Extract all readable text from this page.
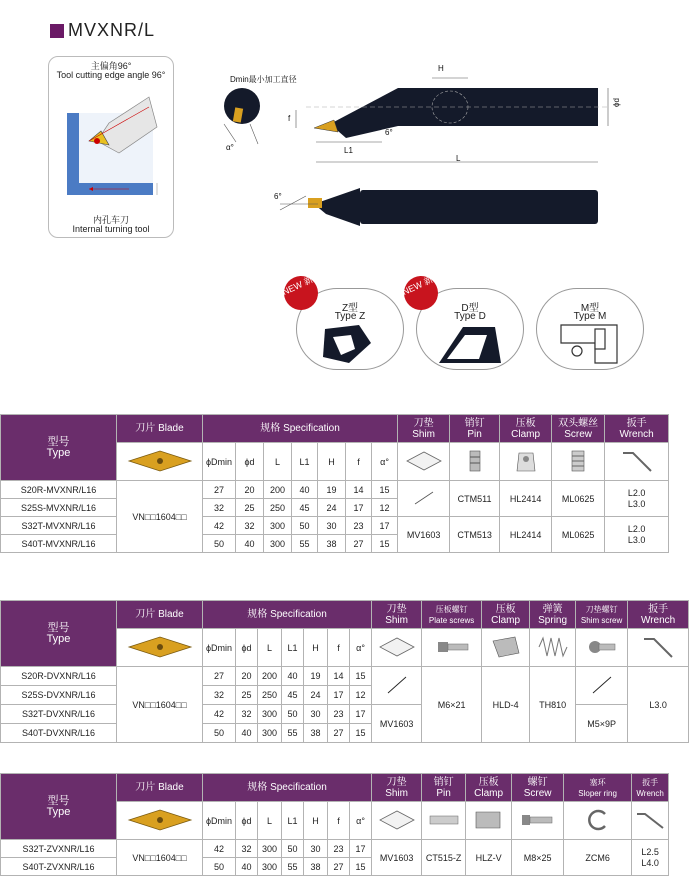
MVXNR/L
主偏角96°
Tool cutting edge angle 96°
内孔车刀
Internal turning tool
Dmin最小加工直径
H
ϕd
f
α°	L1
L
6°
6°
Z型
Type Z
NEW 新
D型
Type D
NEW 新
M型
Type M
型号
Type	刀片 Blade	规格 Specification							刀垫
Shim	销钉
Pin	压板
Clamp	双头螺丝
Screw	扳手
Wrench

	ϕDmin	ϕd	L	L1	H	f	α°					

S20R-MVXNR/L16	VN□□1604□□	27	20	200	40	19	14	15		CTM511	HL2414	ML0625	L2.0
L3.0

S25S-MVXNR/L16		32	25	250	45	24	17	12					
S32T-MVXNR/L16		42	32	300	50	30	23	17	MV1603	CTM513	HL2414	ML0625	L2.0
L3.0

S40T-MVXNR/L16		50	40	300	55	38	27	15					
型号
Type	刀片 Blade	规格 Specification							刀垫
Shim	压板螺钉
Plate screws	压板
Clamp	弹簧
Spring	刀垫螺钉
Shim screw	扳手
Wrench

	ϕDmin	ϕd	L	L1	H	f	α°						
S20R-DVXNR/L16	VN□□1604□□	27	20	200	40	19	14	15		M6×21	HLD-4	TH810		L3.0
S25S-DVXNR/L16		32	25	250	45	24	17	12						
S32T-DVXNR/L16		42	32	300	50	30	23	17	MV1603				M5×9P	
S40T-DVXNR/L16		50	40	300	55	38	27	15						
型号
Type	刀片 Blade	规格 Specification							刀垫
Shim	销钉
Pin	压板
Clamp	螺钉
Screw	塞环
Sloper ring	扳手
Wrench

	ϕDmin	ϕd	L	L1	H	f	α°						
S32T-ZVXNR/L16	VN□□1604□□	42	32	300	50	30	23	17	MV1603	CT515-Z	HLZ-V	M8×25	ZCM6	L2.5
L4.0

S40T-ZVXNR/L16		50	40	300	55	38	27	15						
